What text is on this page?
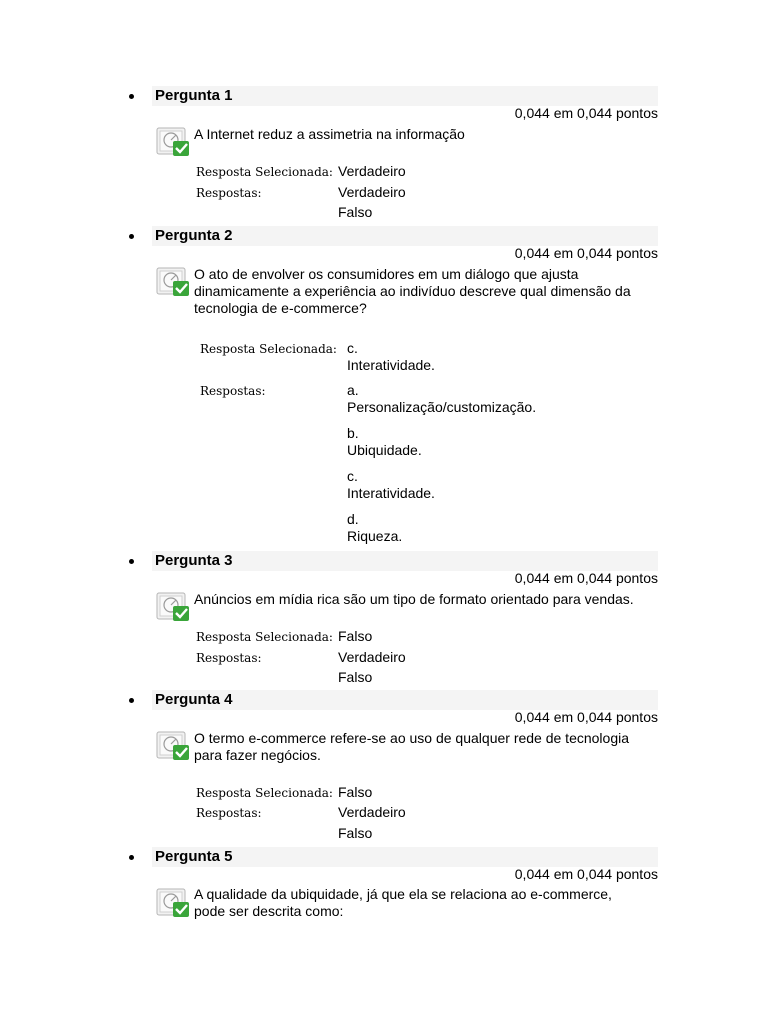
Pergunta 1
0,044 em 0,044 pontos
A Internet reduz a assimetria na informação
Resposta Selecionada: Verdadeiro
Respostas:	Verdadeiro
Falso
Pergunta 2
0,044 em 0,044 pontos
O ato de envolver os consumidores em um diálogo que ajusta
dinamicamente a experiência ao indivíduo descreve qual dimensão da
tecnologia de e-commerce?
Resposta Selecionada: c.
Interatividade.
Respostas:	a.
Personalização/customização.
b.
Ubiquidade.
c.
Interatividade.
d.
Riqueza.
Pergunta 3
0,044 em 0,044 pontos
Anúncios em mídia rica são um tipo de formato orientado para vendas.
Resposta Selecionada: Falso
Respostas:	Verdadeiro
Falso
Pergunta 4
0,044 em 0,044 pontos
O termo e-commerce refere-se ao uso de qualquer rede de tecnologia
para fazer negócios.
Resposta Selecionada: Falso
Respostas:	Verdadeiro
Falso
Pergunta 5
0,044 em 0,044 pontos
A qualidade da ubiquidade, já que ela se relaciona ao e-commerce,
pode ser descrita como:
